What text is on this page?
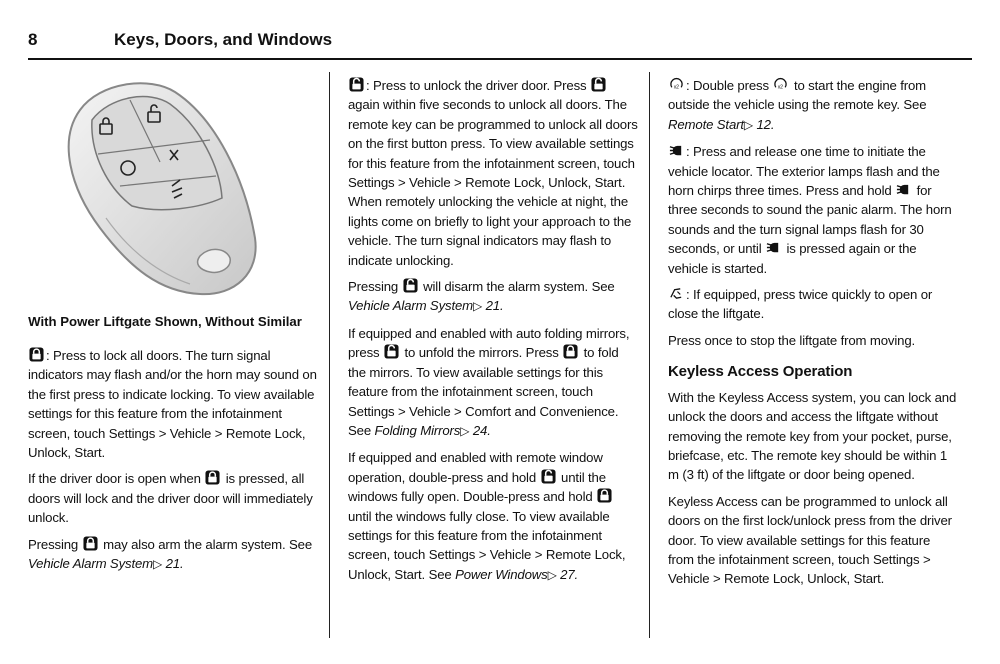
8	Keys, Doors, and Windows
With Power Liftgate Shown, Without Similar

: Press to lock all doors. The turn signal indicators may flash and/or the horn may sound on the first press to indicate locking. To view available settings for this feature from the infotainment screen, touch Settings > Vehicle > Remote Lock, Unlock, Start.

If the driver door is open when  is pressed, all doors will lock and the driver door will immediately unlock.

Pressing  may also arm the alarm system. See Vehicle Alarm System▷ 21.

: Press to unlock the driver door. Press  again within five seconds to unlock all doors. The remote key can be programmed to unlock all doors on the first button press. To view available settings for this feature from the infotainment screen, touch Settings > Vehicle > Remote Lock, Unlock, Start. When remotely unlocking the vehicle at night, the lights come on briefly to light your approach to the vehicle. The turn signal indicators may flash to indicate unlocking.

Pressing  will disarm the alarm system. See Vehicle Alarm System▷ 21.

If equipped and enabled with auto folding mirrors, press  to unfold the mirrors. Press  to fold the mirrors. To view available settings for this feature from the infotainment screen, touch Settings > Vehicle > Comfort and Convenience. See Folding Mirrors▷ 24.

If equipped and enabled with remote window operation, double-press and hold  until the windows fully open. Double-press and hold  until the windows fully close. To view available settings for this feature from the infotainment screen, touch Settings > Vehicle > Remote Lock, Unlock, Start. See Power Windows▷ 27.

x2 : Double press x2 to start the engine from outside the vehicle using the remote key. See Remote Start▷ 12.

: Press and release one time to initiate the vehicle locator. The exterior lamps flash and the horn chirps three times. Press and hold  for three seconds to sound the panic alarm. The horn sounds and the turn signal lamps flash for 30 seconds, or until  is pressed again or the vehicle is started.

: If equipped, press twice quickly to open or close the liftgate.

Press once to stop the liftgate from moving.

Keyless Access Operation

With the Keyless Access system, you can lock and unlock the doors and access the liftgate without removing the remote key from your pocket, purse, briefcase, etc. The remote key should be within 1 m (3 ft) of the liftgate or door being opened.

Keyless Access can be programmed to unlock all doors on the first lock/unlock press from the driver door. To view available settings for this feature from the infotainment screen, touch Settings > Vehicle > Remote Lock, Unlock, Start.
